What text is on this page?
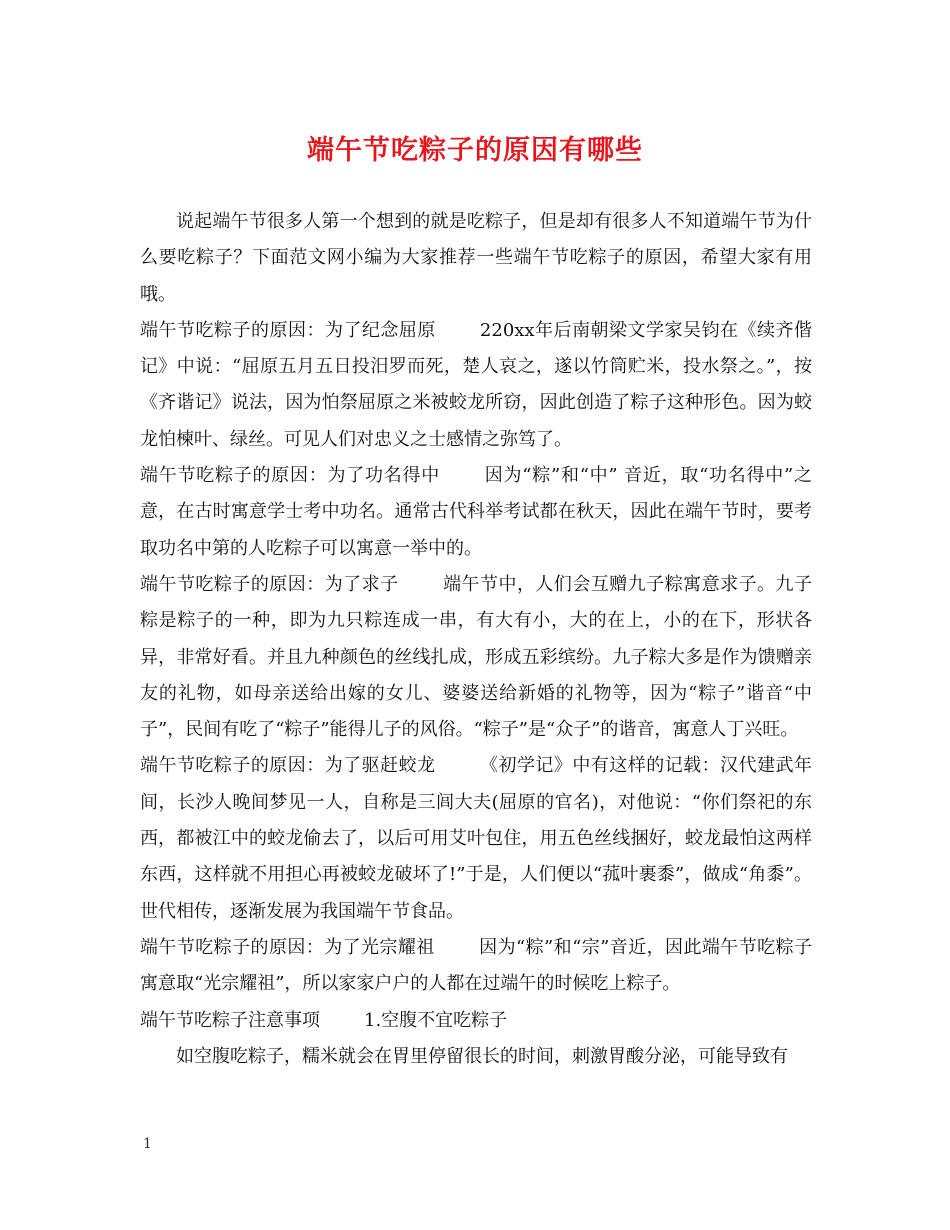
端午节吃粽子的原因有哪些

说起端午节很多人第一个想到的就是吃粽子，但是却有很多人不知道端午节为什么要吃粽子？下面范文网小编为大家推荐一些端午节吃粽子的原因，希望大家有用哦。

端午节吃粽子的原因：为了纪念屈原 220xx年后南朝梁文学家吴钧在《续齐偕记》中说：“屈原五月五日投汨罗而死，楚人哀之，遂以竹筒贮米，投水祭之。”，按《齐谐记》说法，因为怕祭屈原之米被蛟龙所窃，因此创造了粽子这种形色。因为蛟龙怕楝叶、绿丝。可见人们对忠义之士感情之弥笃了。

端午节吃粽子的原因：为了功名得中 因为“粽”和“中” 音近，取“功名得中”之意，在古时寓意学士考中功名。通常古代科举考试都在秋天，因此在端午节时，要考取功名中第的人吃粽子可以寓意一举中的。

端午节吃粽子的原因：为了求子 端午节中，人们会互赠九子粽寓意求子。九子粽是粽子的一种，即为九只粽连成一串，有大有小，大的在上，小的在下，形状各异，非常好看。并且九种颜色的丝线扎成，形成五彩缤纷。九子粽大多是作为馈赠亲友的礼物，如母亲送给出嫁的女儿、婆婆送给新婚的礼物等，因为“粽子”谐音“中子”，民间有吃了“粽子”能得儿子的风俗。“粽子”是“众子”的谐音，寓意人丁兴旺。

端午节吃粽子的原因：为了驱赶蛟龙 《初学记》中有这样的记载：汉代建武年间，长沙人晚间梦见一人，自称是三闾大夫(屈原的官名)，对他说：“你们祭祀的东西，都被江中的蛟龙偷去了，以后可用艾叶包住，用五色丝线捆好，蛟龙最怕这两样东西，这样就不用担心再被蛟龙破坏了!”于是，人们便以“菰叶裹黍”，做成“角黍”。世代相传，逐渐发展为我国端午节食品。

端午节吃粽子的原因：为了光宗耀祖 因为“粽”和“宗”音近，因此端午节吃粽子寓意取“光宗耀祖”，所以家家户户的人都在过端午的时候吃上粽子。

端午节吃粽子注意事项 1.空腹不宜吃粽子

如空腹吃粽子，糯米就会在胃里停留很长的时间，刺激胃酸分泌，可能导致有

1
